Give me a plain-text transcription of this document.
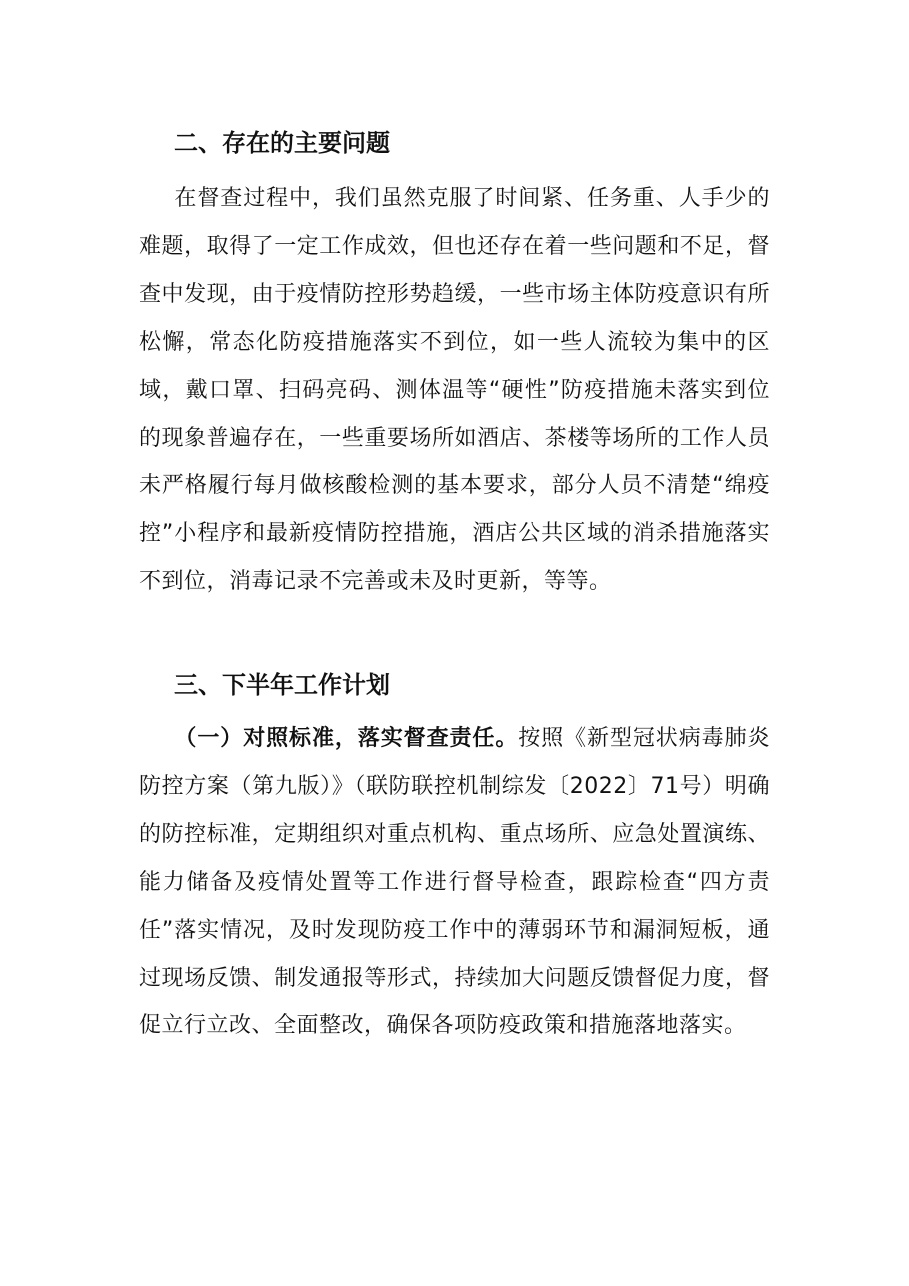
二、存在的主要问题

在督查过程中，我们虽然克服了时间紧、任务重、人手少的难题，取得了一定工作成效，但也还存在着一些问题和不足，督查中发现，由于疫情防控形势趋缓，一些市场主体防疫意识有所松懈，常态化防疫措施落实不到位，如一些人流较为集中的区域，戴口罩、扫码亮码、测体温等“硬性”防疫措施未落实到位的现象普遍存在，一些重要场所如酒店、茶楼等场所的工作人员未严格履行每月做核酸检测的基本要求，部分人员不清楚“绵疫控”小程序和最新疫情防控措施，酒店公共区域的消杀措施落实不到位，消毒记录不完善或未及时更新，等等。

三、下半年工作计划

（一）对照标准，落实督查责任。按照《新型冠状病毒肺炎防控方案（第九版）》（联防联控机制综发〔2022〕71号）明确的防控标准，定期组织对重点机构、重点场所、应急处置演练、能力储备及疫情处置等工作进行督导检查，跟踪检查“四方责任”落实情况，及时发现防疫工作中的薄弱环节和漏洞短板，通过现场反馈、制发通报等形式，持续加大问题反馈督促力度，督促立行立改、全面整改，确保各项防疫政策和措施落地落实。
